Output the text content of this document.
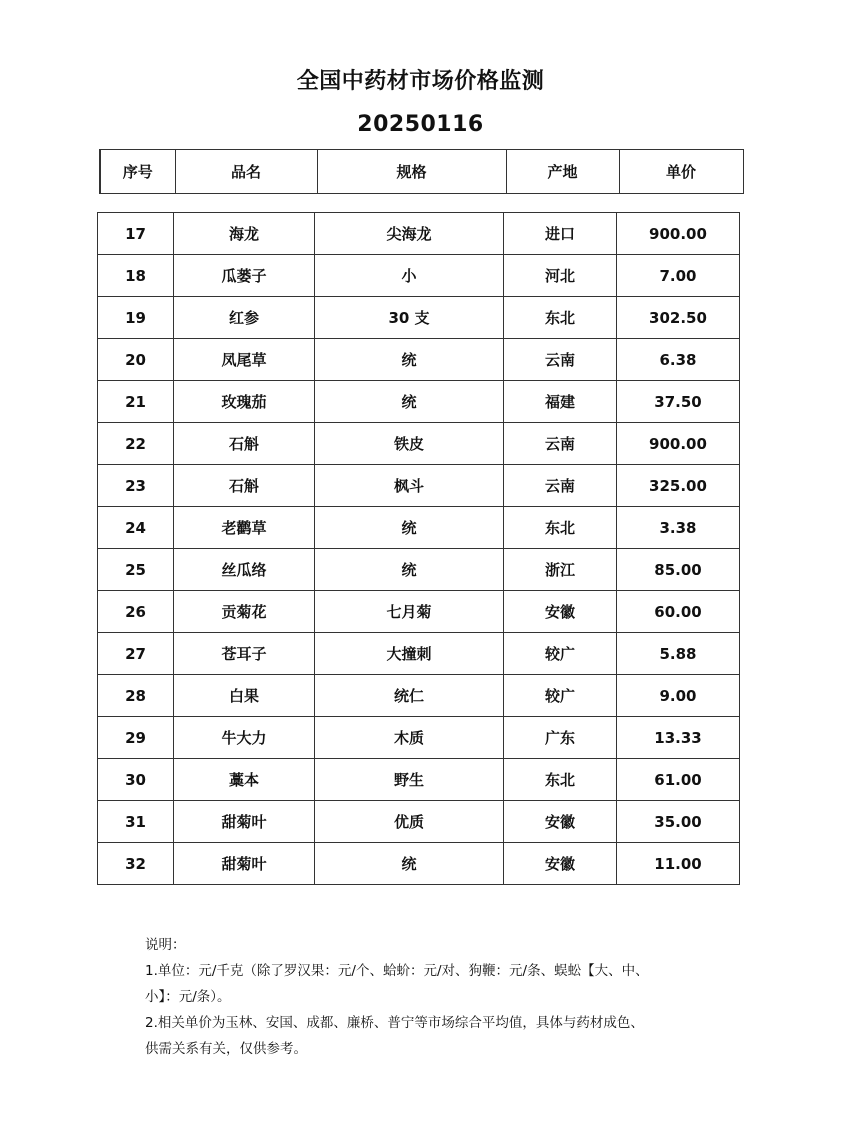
全国中药材市场价格监测
20250116
序号	品名	规格	产地	单价
17	海龙	尖海龙	进口	900.00
18	瓜蒌子	小	河北	7.00
19	红参	30 支	东北	302.50
20	凤尾草	统	云南	6.38
21	玫瑰茄	统	福建	37.50
22	石斛	铁皮	云南	900.00
23	石斛	枫斗	云南	325.00
24	老鹳草	统	东北	3.38
25	丝瓜络	统	浙江	85.00
26	贡菊花	七月菊	安徽	60.00
27	苍耳子	大撞刺	较广	5.88
28	白果	统仁	较广	9.00
29	牛大力	木质	广东	13.33
30	藁本	野生	东北	61.00
31	甜菊叶	优质	安徽	35.00
32	甜菊叶	统	安徽	11.00

说明：

1.单位：元/千克（除了罗汉果：元/个、蛤蚧：元/对、狗鞭：元/条、蜈蚣【大、中、

小】：元/条）。

2.相关单价为玉林、安国、成都、廉桥、普宁等市场综合平均值，具体与药材成色、

供需关系有关，仅供参考。
